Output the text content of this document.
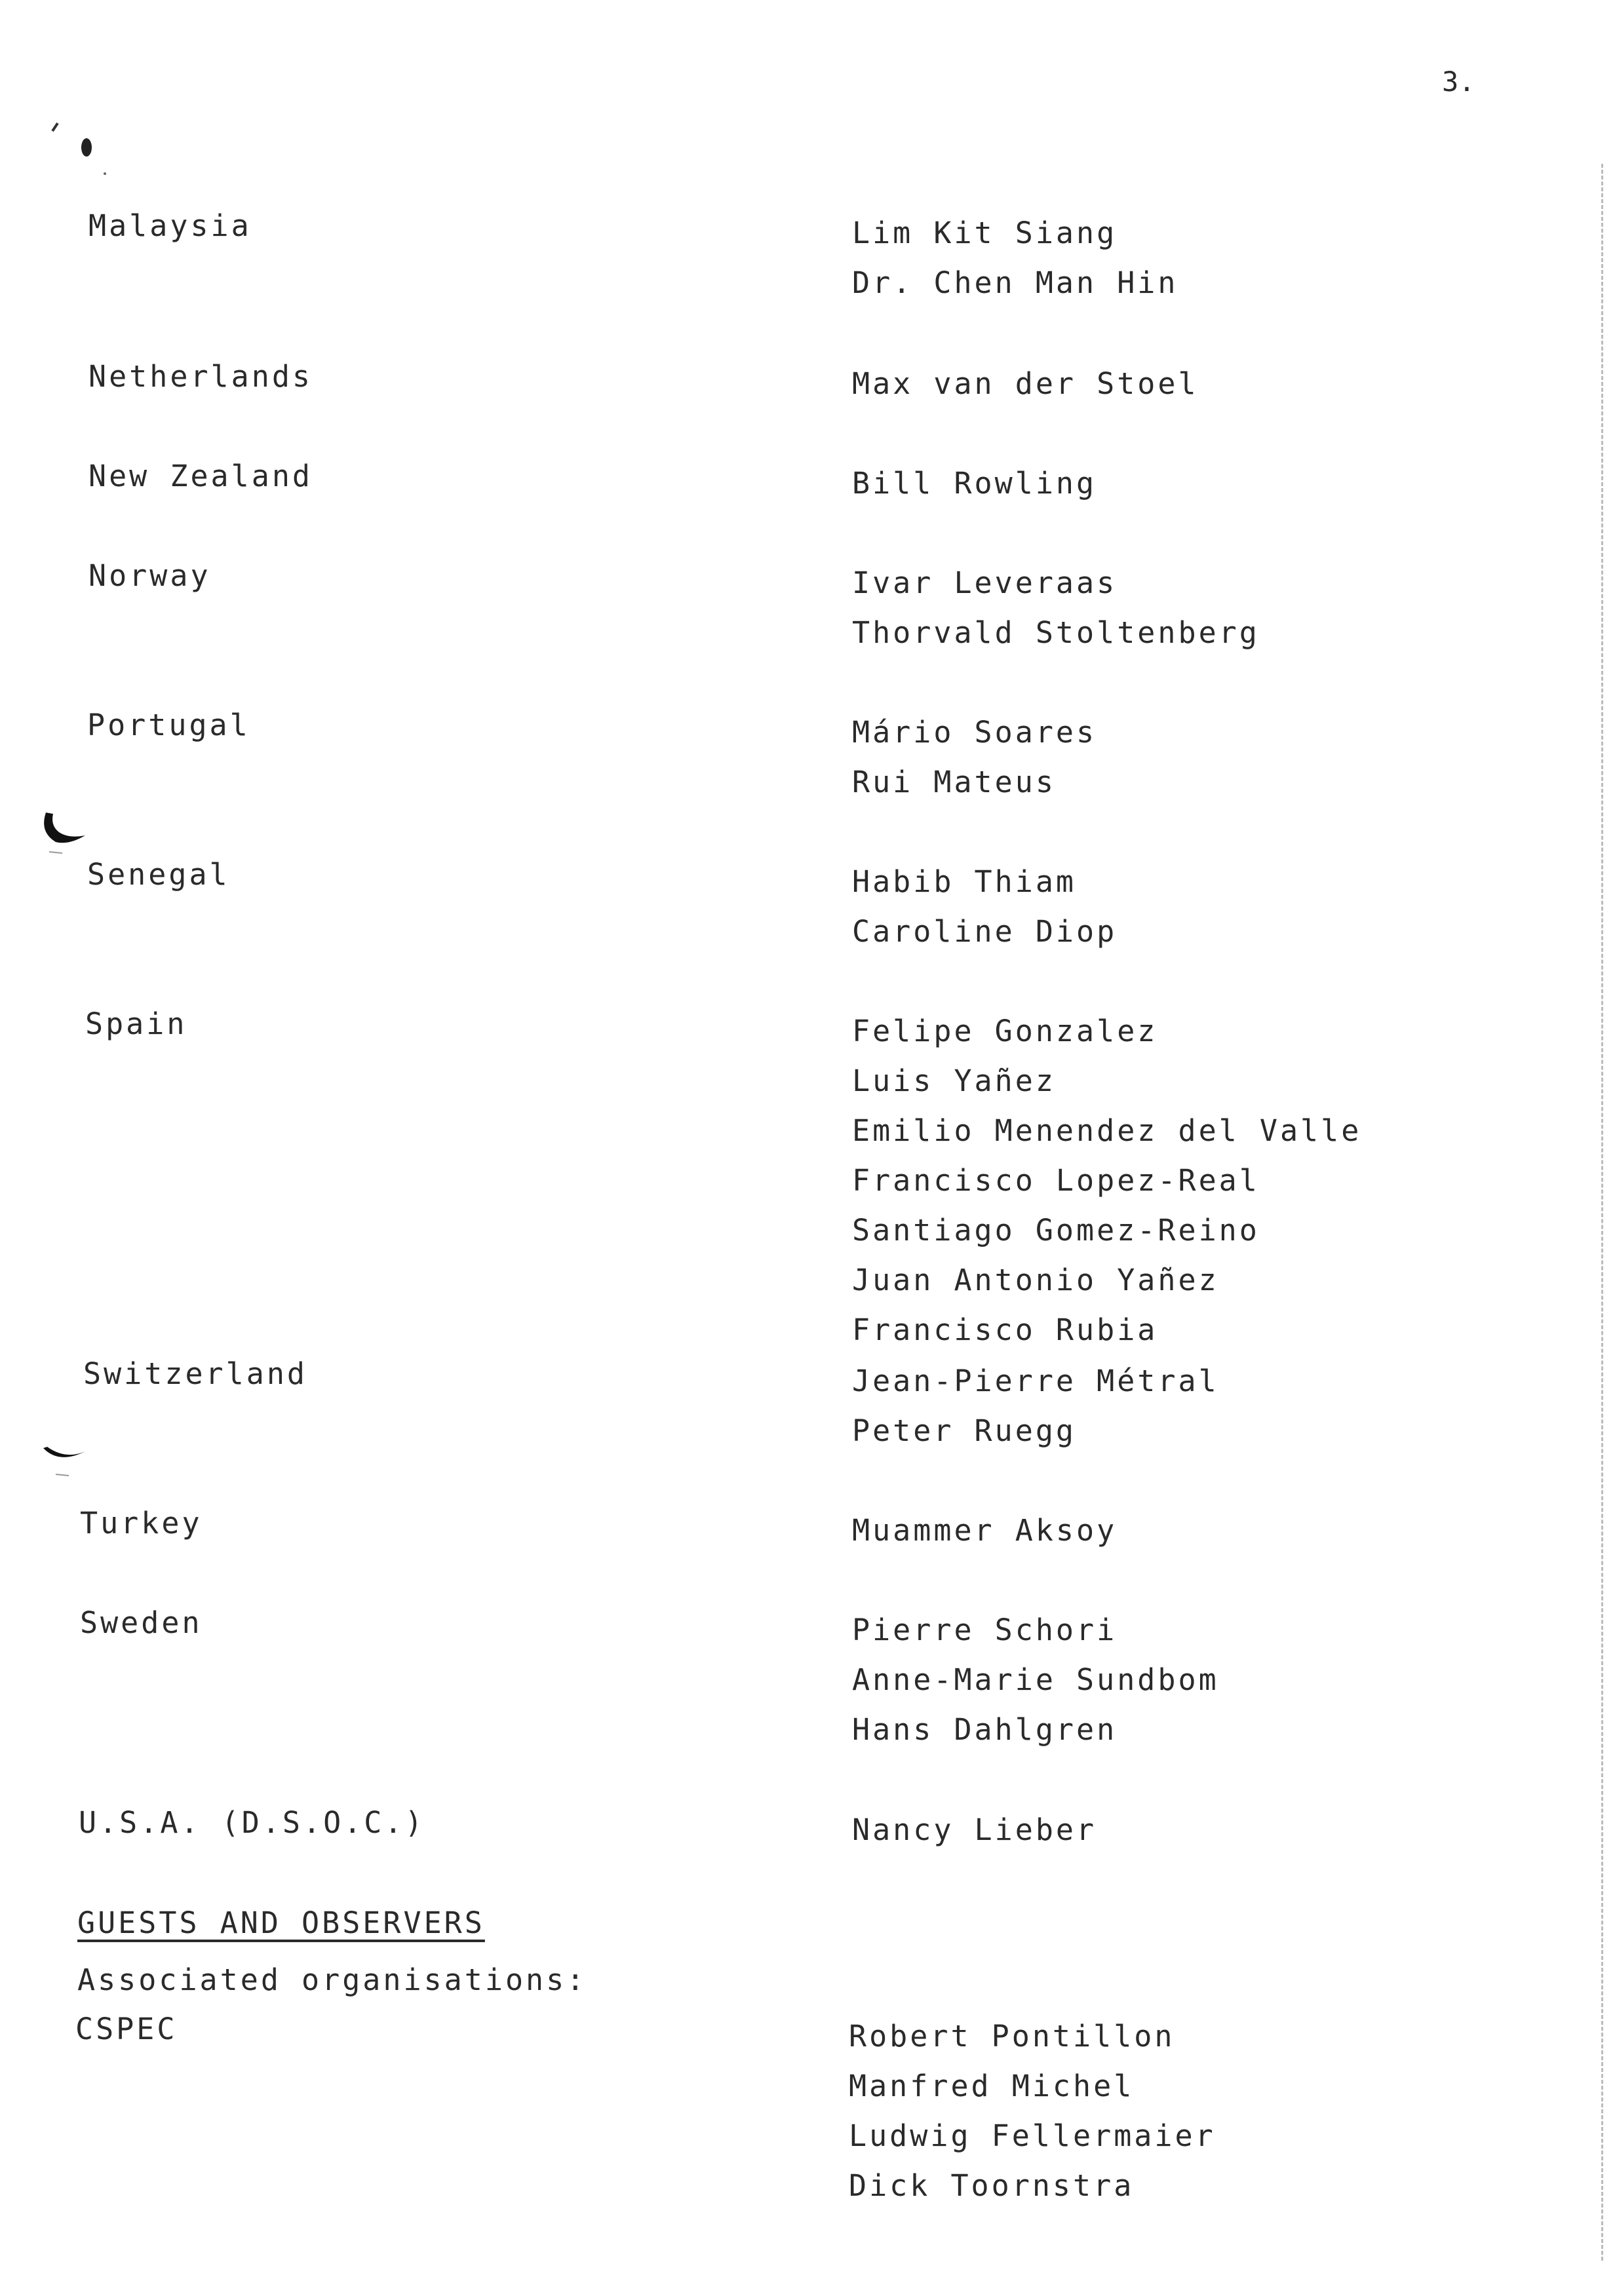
3.
Malaysia	Lim Kit Siang
Dr. Chen Man Hin
Netherlands	Max van der Stoel
New Zealand	Bill Rowling
Norway	Ivar Leveraas
Thorvald Stoltenberg
Portugal	Mário Soares
Rui Mateus
Senegal	Habib Thiam
Caroline Diop
Spain	Felipe Gonzalez
Luis Yañez
Emilio Menendez del Valle
Francisco Lopez-Real
Santiago Gomez-Reino
Juan Antonio Yañez
Francisco Rubia
Switzerland	Jean-Pierre Métral
Peter Ruegg
Turkey	Muammer Aksoy
Sweden	Pierre Schori
Anne-Marie Sundbom
Hans Dahlgren
U.S.A. (D.S.O.C.)	Nancy Lieber
GUESTS AND OBSERVERS
Associated organisations:
CSPEC	Robert Pontillon
Manfred Michel
Ludwig Fellermaier
Dick Toornstra
